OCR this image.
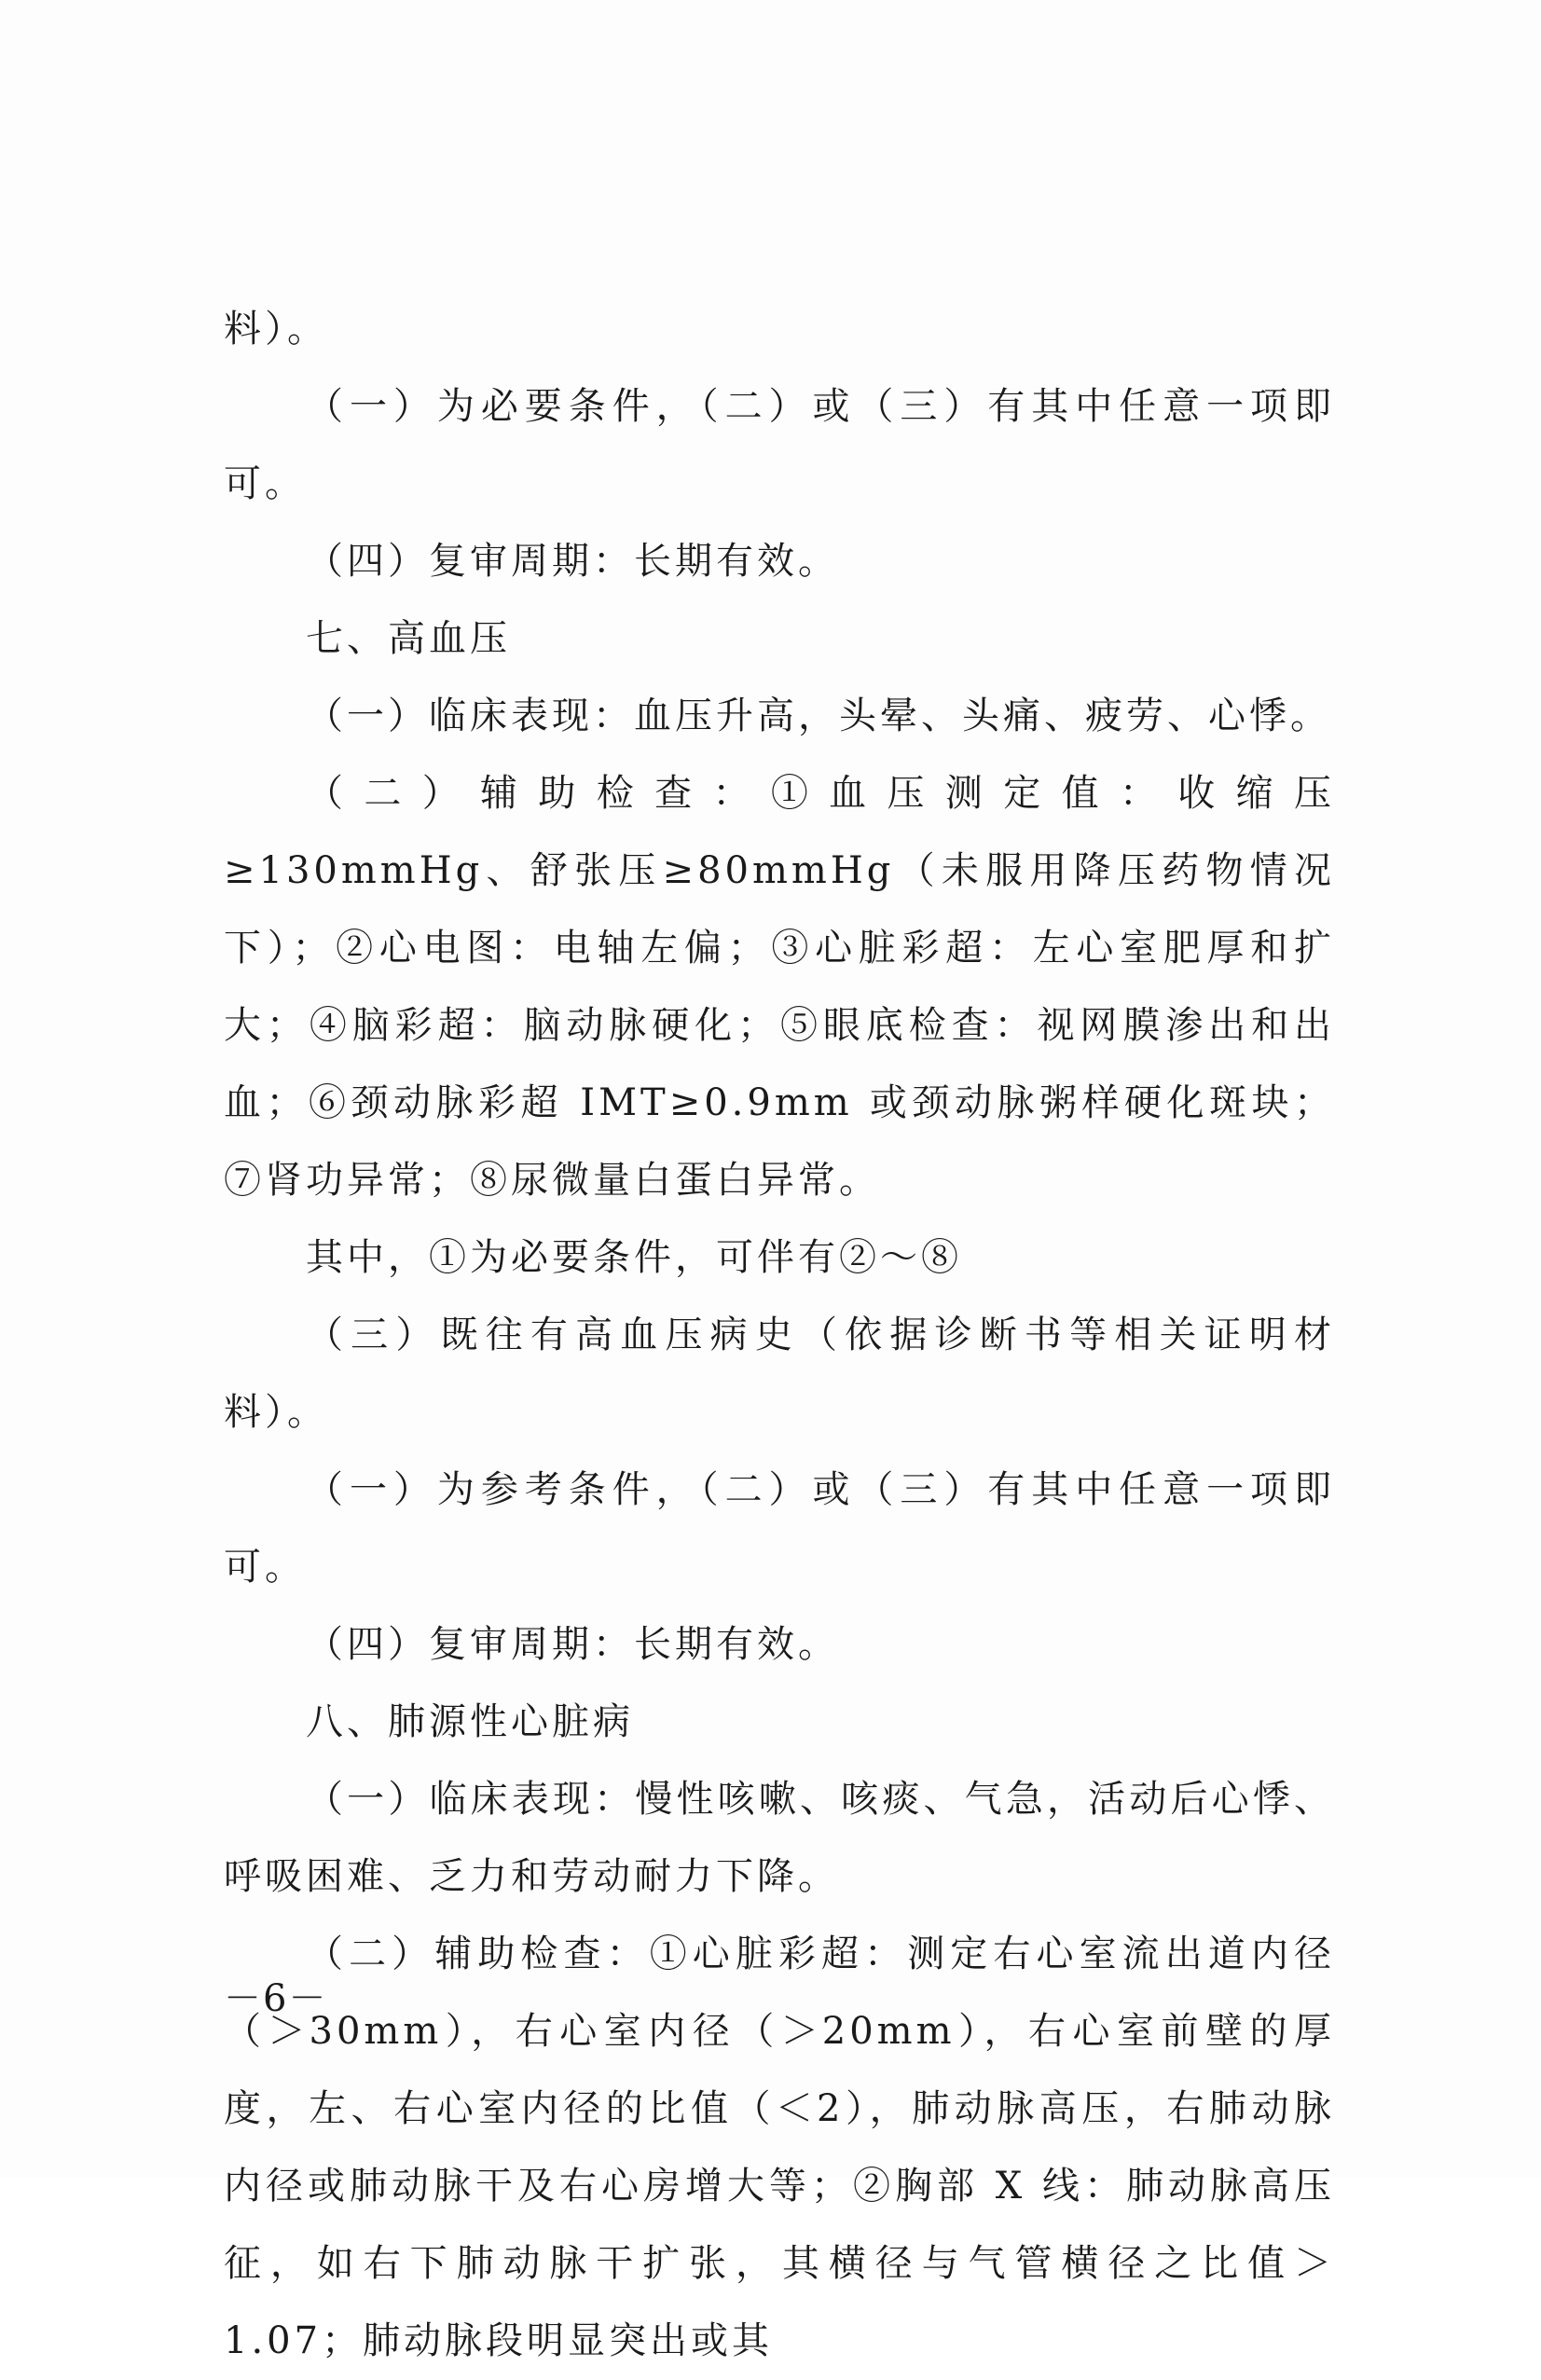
料）。

（一）为必要条件，（二）或（三）有其中任意一项即可。

（四）复审周期：长期有效。

七、高血压

（一）临床表现：血压升高，头晕、头痛、疲劳、心悸。

（二）辅助检查：①血压测定值：收缩压≥130mmHg、舒张压≥80mmHg（未服用降压药物情况下）；②心电图：电轴左偏；③心脏彩超：左心室肥厚和扩大；④脑彩超：脑动脉硬化；⑤眼底检查：视网膜渗出和出血；⑥颈动脉彩超 IMT≥0.9mm 或颈动脉粥样硬化斑块；⑦肾功异常；⑧尿微量白蛋白异常。

其中，①为必要条件，可伴有②～⑧

（三）既往有高血压病史（依据诊断书等相关证明材料）。

（一）为参考条件，（二）或（三）有其中任意一项即可。

（四）复审周期：长期有效。

八、肺源性心脏病

（一）临床表现：慢性咳嗽、咳痰、气急，活动后心悸、呼吸困难、乏力和劳动耐力下降。

（二）辅助检查：①心脏彩超：测定右心室流出道内径（＞30mm），右心室内径（＞20mm），右心室前壁的厚度，左、右心室内径的比值（＜2），肺动脉高压，右肺动脉内径或肺动脉干及右心房增大等；②胸部 X 线：肺动脉高压征，如右下肺动脉干扩张，其横径与气管横径之比值＞1.07；肺动脉段明显突出或其

－6－
